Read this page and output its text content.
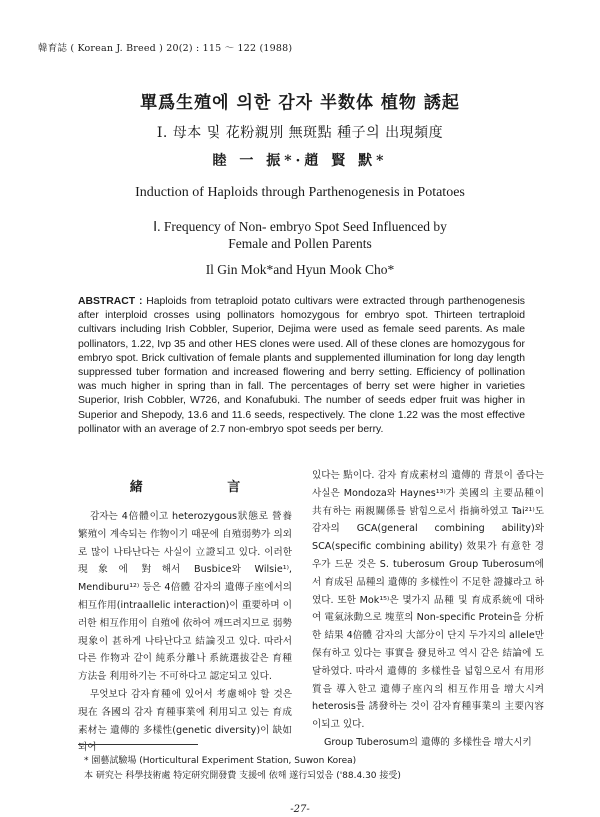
韓育誌 ( Korean J. Breed ) 20(2) : 115 ～ 122 (1988)
單爲生殖에 의한 감자 半数体 植物 誘起
Ⅰ. 母本 및 花粉親別 無斑點 種子의 出現頻度
睦 一 振*·趙 賢 默*
Induction of Haploids through Parthenogenesis in Potatoes
Ⅰ. Frequency of Non- embryo Spot Seed Influenced by Female and Pollen Parents
Il Gin Mok*and Hyun Mook Cho*
ABSTRACT : Haploids from tetraploid potato cultivars were extracted through parthenogenesis after interploid crosses using pollinators homozygous for embryo spot. Thirteen tertraploid cultivars including Irish Cobbler, Superior, Dejima were used as female seed parents. As male pollinators, 1.22, Ivp 35 and other HES clones were used. All of these clones are homozygous for embryo spot. Brick cultivation of female plants and supplemented illumination for long day length suppressed tuber formation and increased flowering and berry setting. Efficiency of pollination was much higher in spring than in fall. The percentages of berry set were higher in varieties Superior, Irish Cobbler, W726, and Konafubuki. The number of seeds edper fruit was higher in Superior and Shepody, 13.6 and 11.6 seeds, respectively. The clone 1.22 was the most effective pollinator with an average of 2.7 non-embryo spot seeds per berry.
緒 言

감자는 4倍體이고 heterozygous狀態로 營養繁殖이 계속되는 作物이기 때문에 自殖弱勢가 의외로 많이 나타난다는 사실이 立證되고 있다. 이러한 現象에 對해서 Busbice와 Wilsie¹⁾, Mendiburu¹²⁾ 등은 4倍體 감자의 遺傳子座에서의 相互作用(intraallelic interaction)이 重要하며 이러한 相互作用이 自殖에 依하여 깨뜨려지므로 弱勢現象이 甚하게 나타난다고 結論짓고 있다. 따라서 다른 作物과 같이 純系分離나 系統選拔같은 育種方法을 利用하기는 不可하다고 認定되고 있다.

무엇보다 감자育種에 있어서 考慮해야 할 것은 現在 各國의 감자 育種事業에 利用되고 있는 育成素材는 遺傳的 多樣性(genetic diversity)이 缺如되어

있다는 點이다. 감자 育成素材의 遺傳的 背景이 좁다는 사실은 Mondoza와 Haynes¹³⁾가 美國의 主要品種이 共有하는 兩親關係를 밝힘으로서 指摘하였고 Tai²¹⁾도 감자의 GCA(general combining ability)와 SCA(specific combining ability) 效果가 有意한 경우가 드문 것은 S. tuberosum Group Tuberosum에서 育成된 品種의 遺傳的 多樣性이 不足한 證據라고 하였다. 또한 Mok¹⁵⁾은 몇가지 品種 및 育成系統에 대하여 電氣泳動으로 塊莖의 Non-specific Protein을 分析한 結果 4倍體 감자의 大部分이 단지 두가지의 allele만 保有하고 있다는 事實을 發見하고 역시 같은 結論에 도달하였다. 따라서 遺傳的 多樣性을 넓힘으로서 有用形質을 導入한고 遺傳子座內의 相互作用을 增大시켜 heterosis를 誘發하는 것이 감자育種事業의 主要內容이되고 있다.

Group Tuberosum의 遺傳的 多樣性을 增大시키

* 園藝試驗場 (Horticultural Experiment Station, Suwon Korea)
本 研究는 科學技術處 特定研究開發費 支援에 依해 遂行되었음 ('88.4.30 接受)
-27-
